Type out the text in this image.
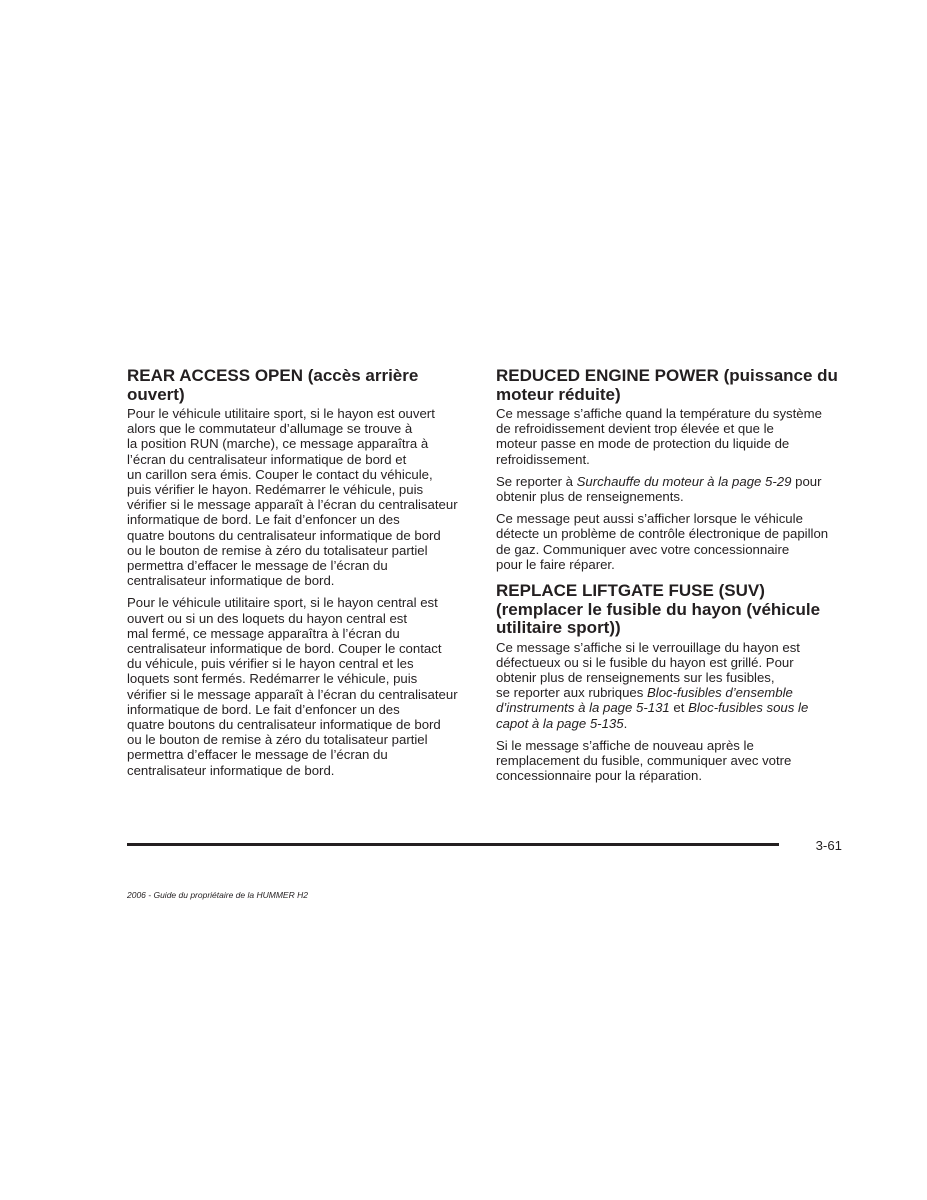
REAR ACCESS OPEN (accès arrière ouvert)

Pour le véhicule utilitaire sport, si le hayon est ouvert
alors que le commutateur d’allumage se trouve à
la position RUN (marche), ce message apparaîtra à
l’écran du centralisateur informatique de bord et
un carillon sera émis. Couper le contact du véhicule,
puis vérifier le hayon. Redémarrer le véhicule, puis
vérifier si le message apparaît à l’écran du centralisateur
informatique de bord. Le fait d’enfoncer un des
quatre boutons du centralisateur informatique de bord
ou le bouton de remise à zéro du totalisateur partiel
permettra d’effacer le message de l’écran du
centralisateur informatique de bord.

Pour le véhicule utilitaire sport, si le hayon central est
ouvert ou si un des loquets du hayon central est
mal fermé, ce message apparaîtra à l’écran du
centralisateur informatique de bord. Couper le contact
du véhicule, puis vérifier si le hayon central et les
loquets sont fermés. Redémarrer le véhicule, puis
vérifier si le message apparaît à l’écran du centralisateur
informatique de bord. Le fait d’enfoncer un des
quatre boutons du centralisateur informatique de bord
ou le bouton de remise à zéro du totalisateur partiel
permettra d’effacer le message de l’écran du
centralisateur informatique de bord.

REDUCED ENGINE POWER (puissance du moteur réduite)

Ce message s’affiche quand la température du système
de refroidissement devient trop élevée et que le
moteur passe en mode de protection du liquide de
refroidissement.

Se reporter à Surchauffe du moteur à la page 5-29 pour
obtenir plus de renseignements.

Ce message peut aussi s’afficher lorsque le véhicule
détecte un problème de contrôle électronique de papillon
de gaz. Communiquer avec votre concessionnaire
pour le faire réparer.

REPLACE LIFTGATE FUSE (SUV) (remplacer le fusible du hayon (véhicule utilitaire sport))

Ce message s’affiche si le verrouillage du hayon est
défectueux ou si le fusible du hayon est grillé. Pour
obtenir plus de renseignements sur les fusibles,
se reporter aux rubriques Bloc-fusibles d’ensemble
d’instruments à la page 5-131 et Bloc-fusibles sous le
capot à la page 5-135.

Si le message s’affiche de nouveau après le
remplacement du fusible, communiquer avec votre
concessionnaire pour la réparation.

3-61
2006 - Guide du propriétaire de la HUMMER H2
